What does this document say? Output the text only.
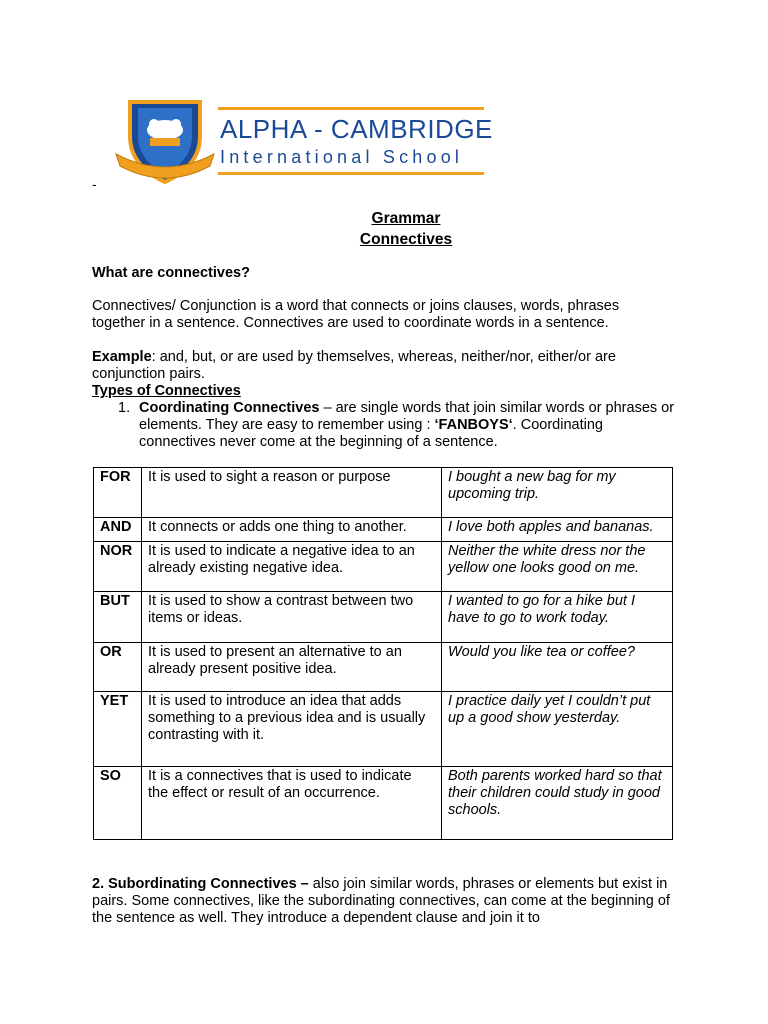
ALPHA - CAMBRIDGE
International School
-
Grammar
Connectives
What are connectives?
Connectives/ Conjunction is a word that connects or joins clauses, words, phrases together in a sentence. Connectives are used to coordinate words in a sentence.
Example: and, but, or are used by themselves, whereas, neither/nor, either/or are conjunction pairs.
Types of Connectives
1. Coordinating Connectives – are single words that join similar words or phrases or elements. They are easy to remember using : ‘FANBOYS‘. Coordinating connectives never come at the beginning of a sentence.
FOR	It is used to sight a reason or purpose	I bought a new bag for my upcoming trip.
AND	It connects or adds one thing to another.	I love both apples and bananas.
NOR	It is used to indicate a negative idea to an already existing negative idea.	Neither the white dress nor the yellow one looks good on me.
BUT	It is used to show a contrast between two items or ideas.	I wanted to go for a hike but I have to go to work today.
OR	It is used to present an alternative to an already present positive idea.	Would you like tea or coffee?
YET	It is used to introduce an idea that adds something to a previous idea and is usually contrasting with it.	I practice daily yet I couldn’t put up a good show yesterday.
SO	It is a connectives that is used to indicate the effect or result of an occurrence.	Both parents worked hard so that their children could study in good schools.
2. Subordinating Connectives – also join similar words, phrases or elements but exist in pairs. Some connectives, like the subordinating connectives, can come at the beginning of the sentence as well. They introduce a dependent clause and join it to
